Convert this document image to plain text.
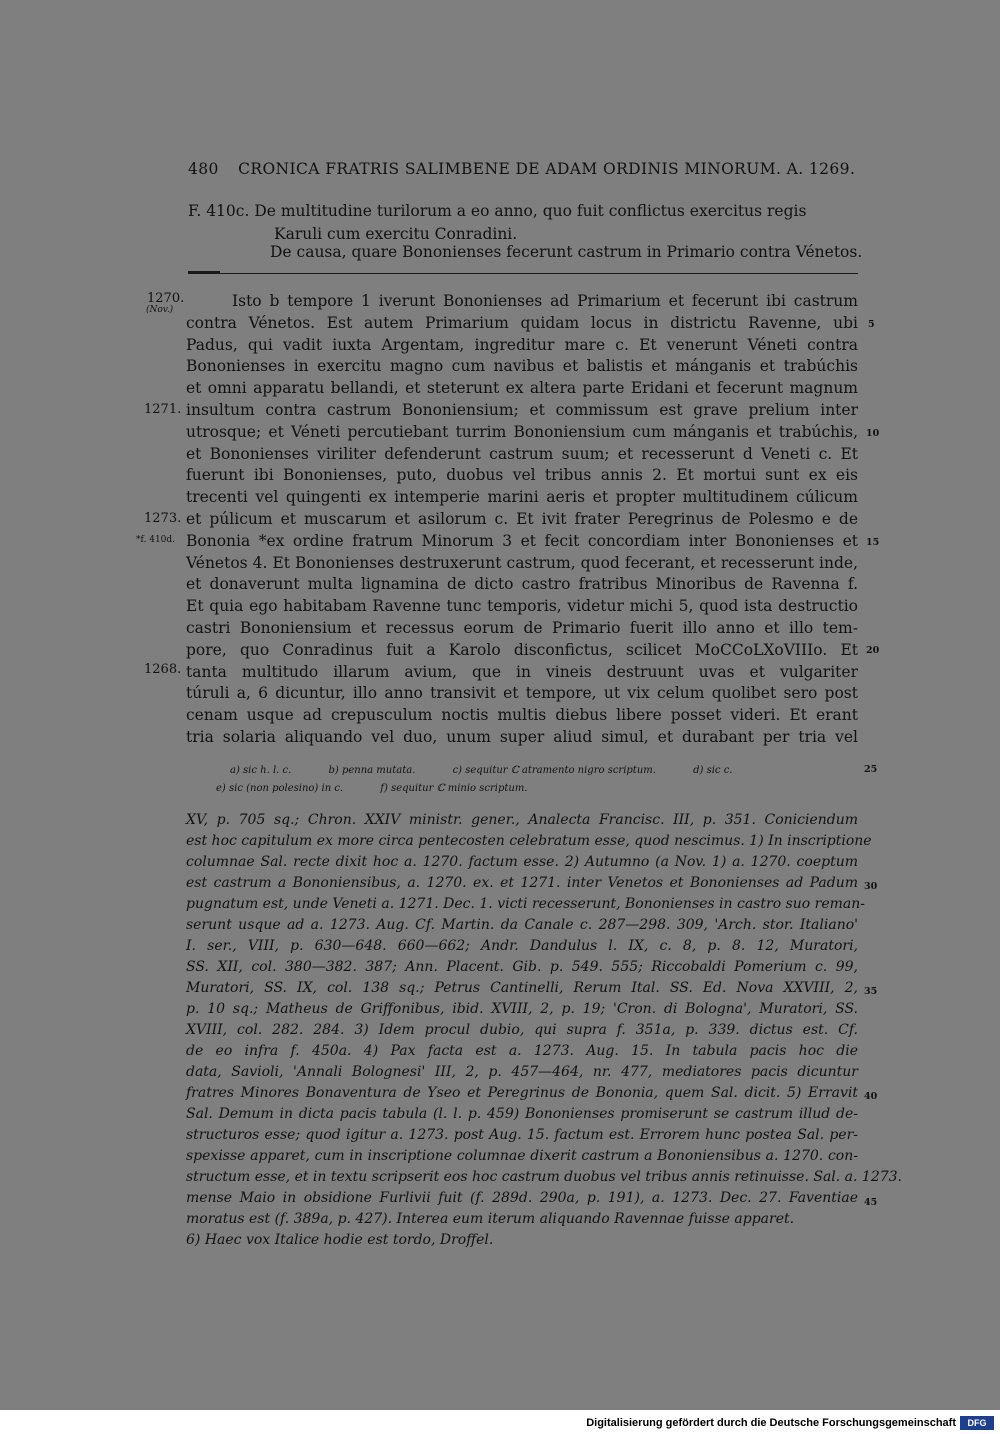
480 CRONICA FRATRIS SALIMBENE DE ADAM ORDINIS MINORUM. A. 1269.
F. 410c. De multitudine turilorum a eo anno, quo fuit conflictus exercitus regis
Karuli cum exercitu Conradini.
De causa, quare Bononienses fecerunt castrum in Primario contra Vénetos.
1270.
(Nov.)
1271.
1273.
*f. 410d.
1268.
5
10
15
20
25
30
35
40
45
Isto b tempore 1 iverunt Bononienses ad Primarium et fecerunt ibi castrum
contra Vénetos. Est autem Primarium quidam locus in districtu Ravenne, ubi
Padus, qui vadit iuxta Argentam, ingreditur mare c. Et venerunt Véneti contra
Bononienses in exercitu magno cum navibus et balistis et mánganis et trabúchis
et omni apparatu bellandi, et steterunt ex altera parte Eridani et fecerunt magnum
insultum contra castrum Bononiensium; et commissum est grave prelium inter
utrosque; et Véneti percutiebant turrim Bononiensium cum mánganis et trabúchis,
et Bononienses viriliter defenderunt castrum suum; et recesserunt d Veneti c. Et
fuerunt ibi Bononienses, puto, duobus vel tribus annis 2. Et mortui sunt ex eis
trecenti vel quingenti ex intemperie marini aeris et propter multitudinem cúlicum
et púlicum et muscarum et asilorum c. Et ivit frater Peregrinus de Polesmo e de
Bononia *ex ordine fratrum Minorum 3 et fecit concordiam inter Bononienses et
Vénetos 4. Et Bononienses destruxerunt castrum, quod fecerant, et recesserunt inde,
et donaverunt multa lignamina de dicto castro fratribus Minoribus de Ravenna f.
Et quia ego habitabam Ravenne tunc temporis, videtur michi 5, quod ista destructio
castri Bononiensium et recessus eorum de Primario fuerit illo anno et illo tem-
pore, quo Conradinus fuit a Karolo disconfictus, scilicet MoCCoLXoVIIIo. Et
tanta multitudo illarum avium, que in vineis destruunt uvas et vulgariter
túruli a, 6 dicuntur, illo anno transivit et tempore, ut vix celum quolibet sero post
cenam usque ad crepusculum noctis multis diebus libere posset videri. Et erant
tria solaria aliquando vel duo, unum super aliud simul, et durabant per tria vel
a) sic h. l. c.	b) penna mutata.	c) sequitur ℂ atramento nigro scriptum.	d) sic c.
e) sic (non polesino) in c.	f) sequitur ℂ minio scriptum.
XV, p. 705 sq.; Chron. XXIV ministr. gener., Analecta Francisc. III, p. 351. Coniciendum
est hoc capitulum ex more circa pentecosten celebratum esse, quod nescimus. 1) In inscriptione
columnae Sal. recte dixit hoc a. 1270. factum esse. 2) Autumno (a Nov. 1) a. 1270. coeptum
est castrum a Bononiensibus, a. 1270. ex. et 1271. inter Venetos et Bononienses ad Padum
pugnatum est, unde Veneti a. 1271. Dec. 1. victi recesserunt, Bononienses in castro suo reman-
serunt usque ad a. 1273. Aug. Cf. Martin. da Canale c. 287—298. 309, 'Arch. stor. Italiano'
I. ser., VIII, p. 630—648. 660—662; Andr. Dandulus l. IX, c. 8, p. 8. 12, Muratori,
SS. XII, col. 380—382. 387; Ann. Placent. Gib. p. 549. 555; Riccobaldi Pomerium c. 99,
Muratori, SS. IX, col. 138 sq.; Petrus Cantinelli, Rerum Ital. SS. Ed. Nova XXVIII, 2,
p. 10 sq.; Matheus de Griffonibus, ibid. XVIII, 2, p. 19; 'Cron. di Bologna', Muratori, SS.
XVIII, col. 282. 284. 3) Idem procul dubio, qui supra f. 351a, p. 339. dictus est. Cf.
de eo infra f. 450a. 4) Pax facta est a. 1273. Aug. 15. In tabula pacis hoc die
data, Savioli, 'Annali Bolognesi' III, 2, p. 457—464, nr. 477, mediatores pacis dicuntur
fratres Minores Bonaventura de Yseo et Peregrinus de Bononia, quem Sal. dicit. 5) Erravit
Sal. Demum in dicta pacis tabula (l. l. p. 459) Bononienses promiserunt se castrum illud de-
structuros esse; quod igitur a. 1273. post Aug. 15. factum est. Errorem hunc postea Sal. per-
spexisse apparet, cum in inscriptione columnae dixerit castrum a Bononiensibus a. 1270. con-
structum esse, et in textu scripserit eos hoc castrum duobus vel tribus annis retinuisse. Sal. a. 1273.
mense Maio in obsidione Furlivii fuit (f. 289d. 290a, p. 191), a. 1273. Dec. 27. Faventiae
moratus est (f. 389a, p. 427). Interea eum iterum aliquando Ravennae fuisse apparet.
6) Haec vox Italice hodie est tordo, Droffel.
Digitalisierung gefördert durch die Deutsche Forschungsgemeinschaft	DFG
